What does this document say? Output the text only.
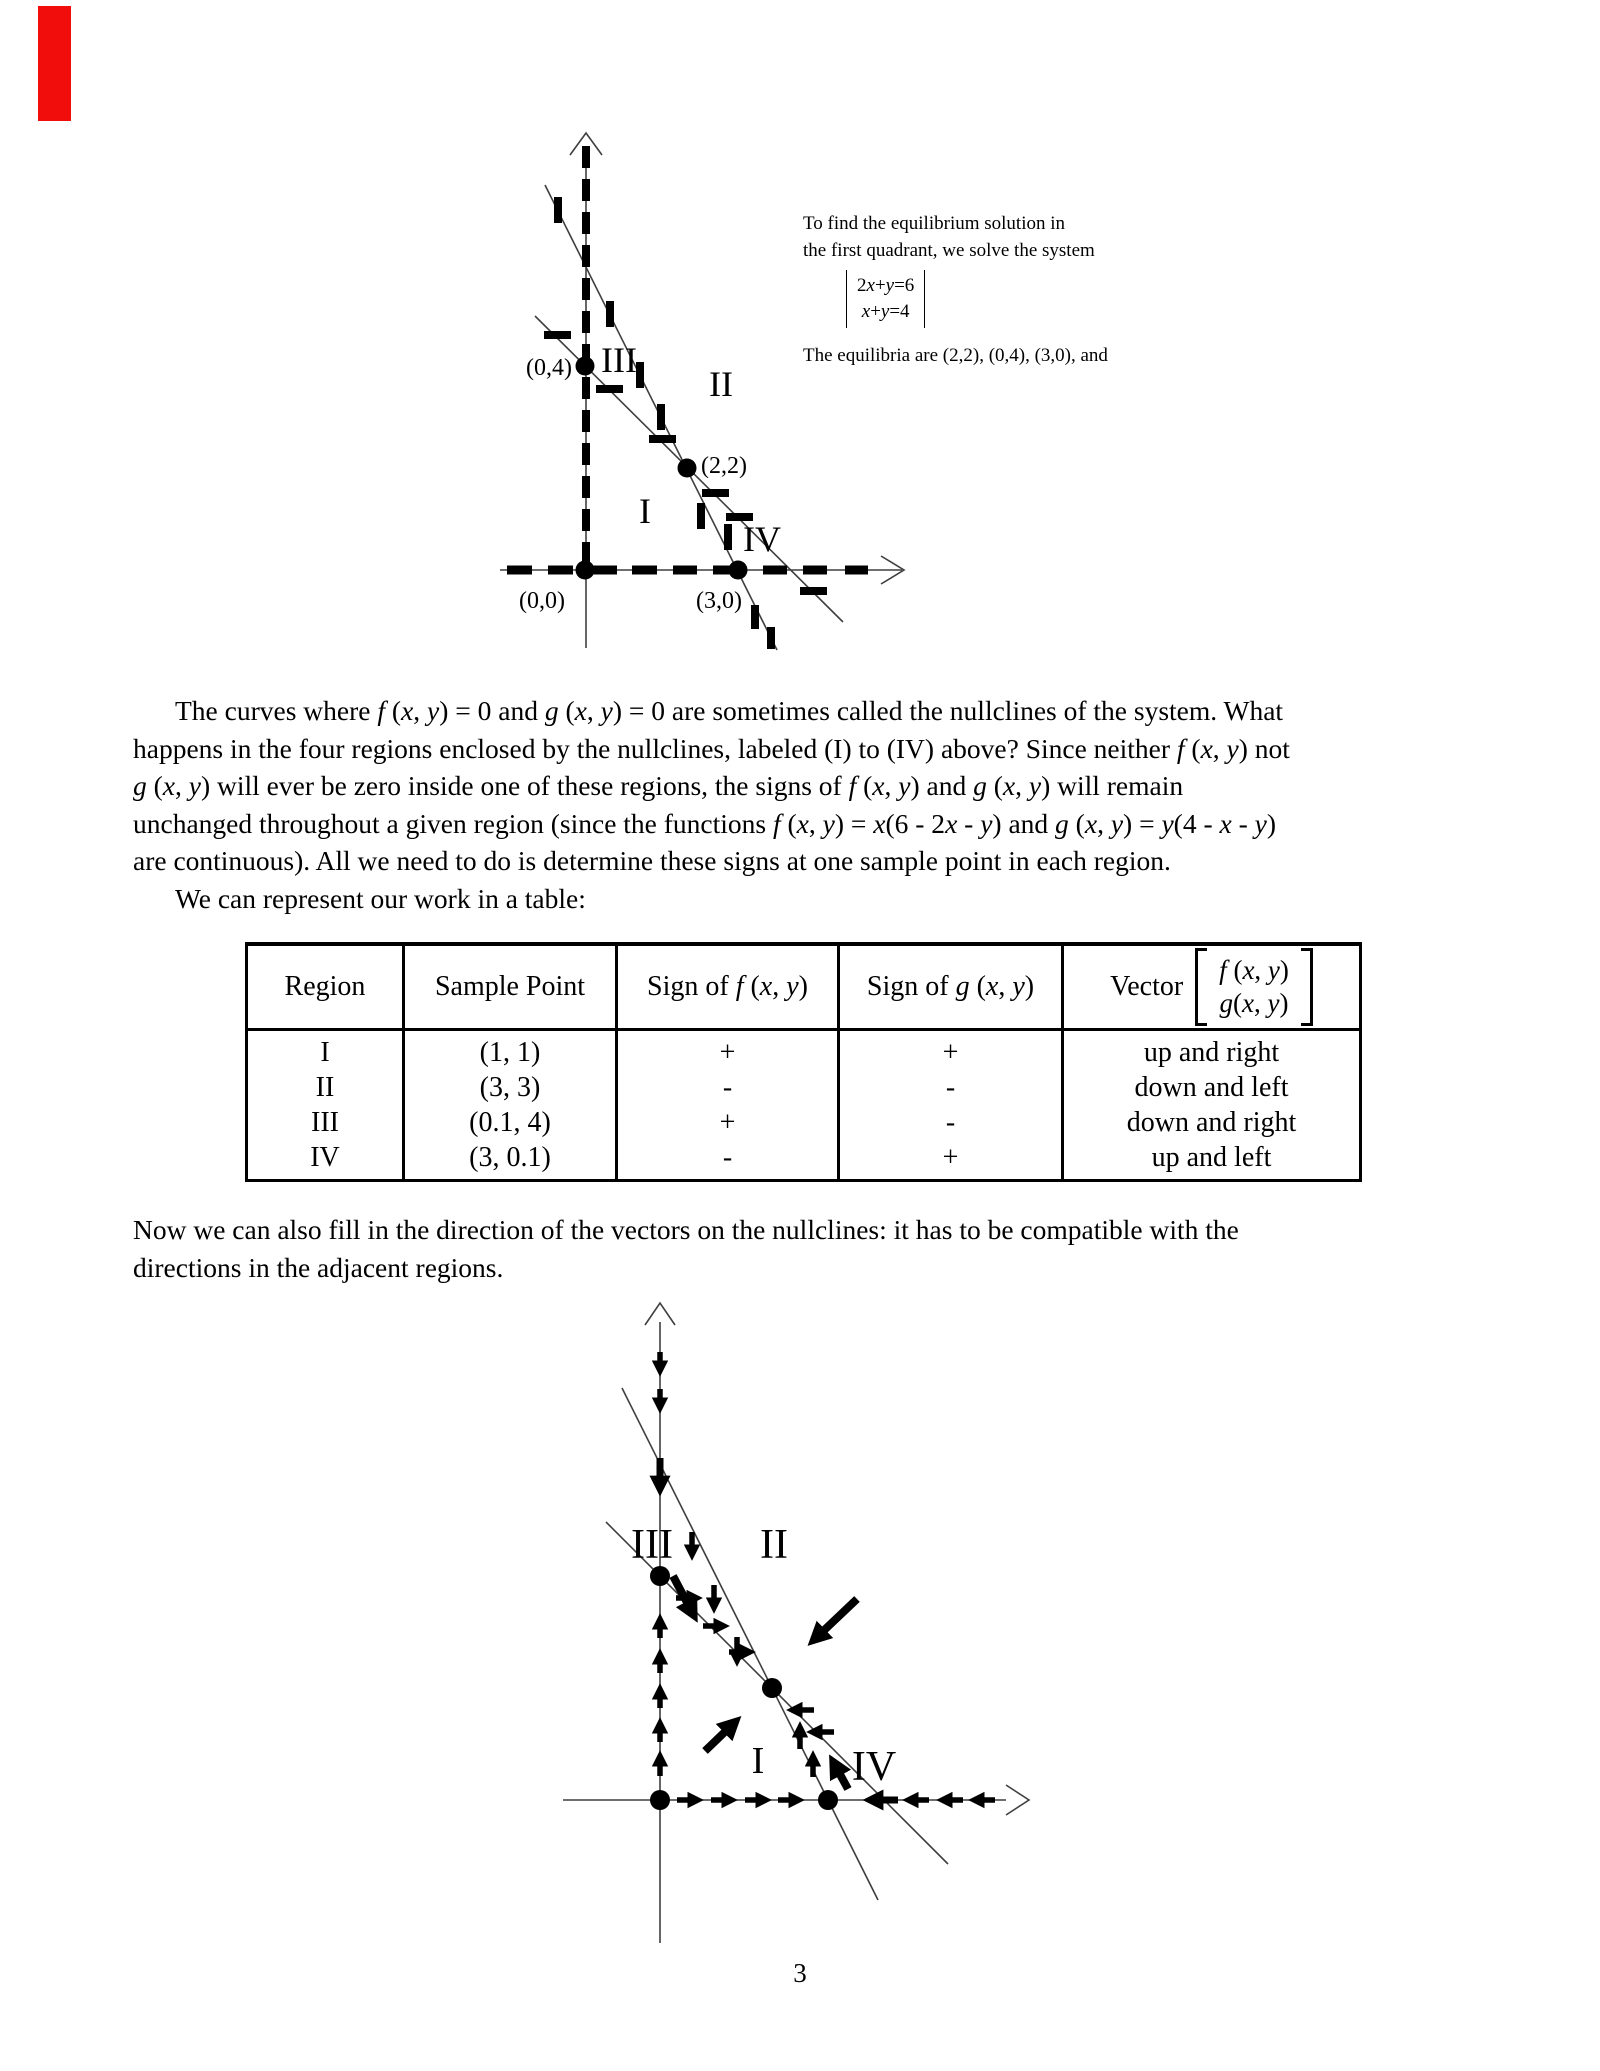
(0,4)
(2,2)
(0,0)	(3,0)
III
II
I
IV
To find the equilibrium solution in
the first quadrant, we solve the system
2x+y=6
x+y=4
The equilibria are (2,2), (0,4), (3,0), and
The curves where f (x, y) = 0 and g (x, y) = 0 are sometimes called the nullclines of the system. What
happens in the four regions enclosed by the nullclines, labeled (I) to (IV) above? Since neither f (x, y) not
g (x, y) will ever be zero inside one of these regions, the signs of f (x, y) and g (x, y) will remain
unchanged throughout a given region (since the functions f (x, y) = x(6 - 2x - y) and g (x, y) = y(4 - x - y)
are continuous). All we need to do is determine these signs at one sample point in each region.
We can represent our work in a table:
Region	Sample Point	Sign of f (x, y)	Sign of g (x, y)	Vector
f (x, y)
g(x, y)

I	(1, 1)	+	+	up and right
II	(3, 3)	-	-	down and left
III	(0.1, 4)	+	-	down and right
IV	(3, 0.1)	-	+	up and left
Now we can also fill in the direction of the vectors on the nullclines: it has to be compatible with the
directions in the adjacent regions.
III II
I IV
3
